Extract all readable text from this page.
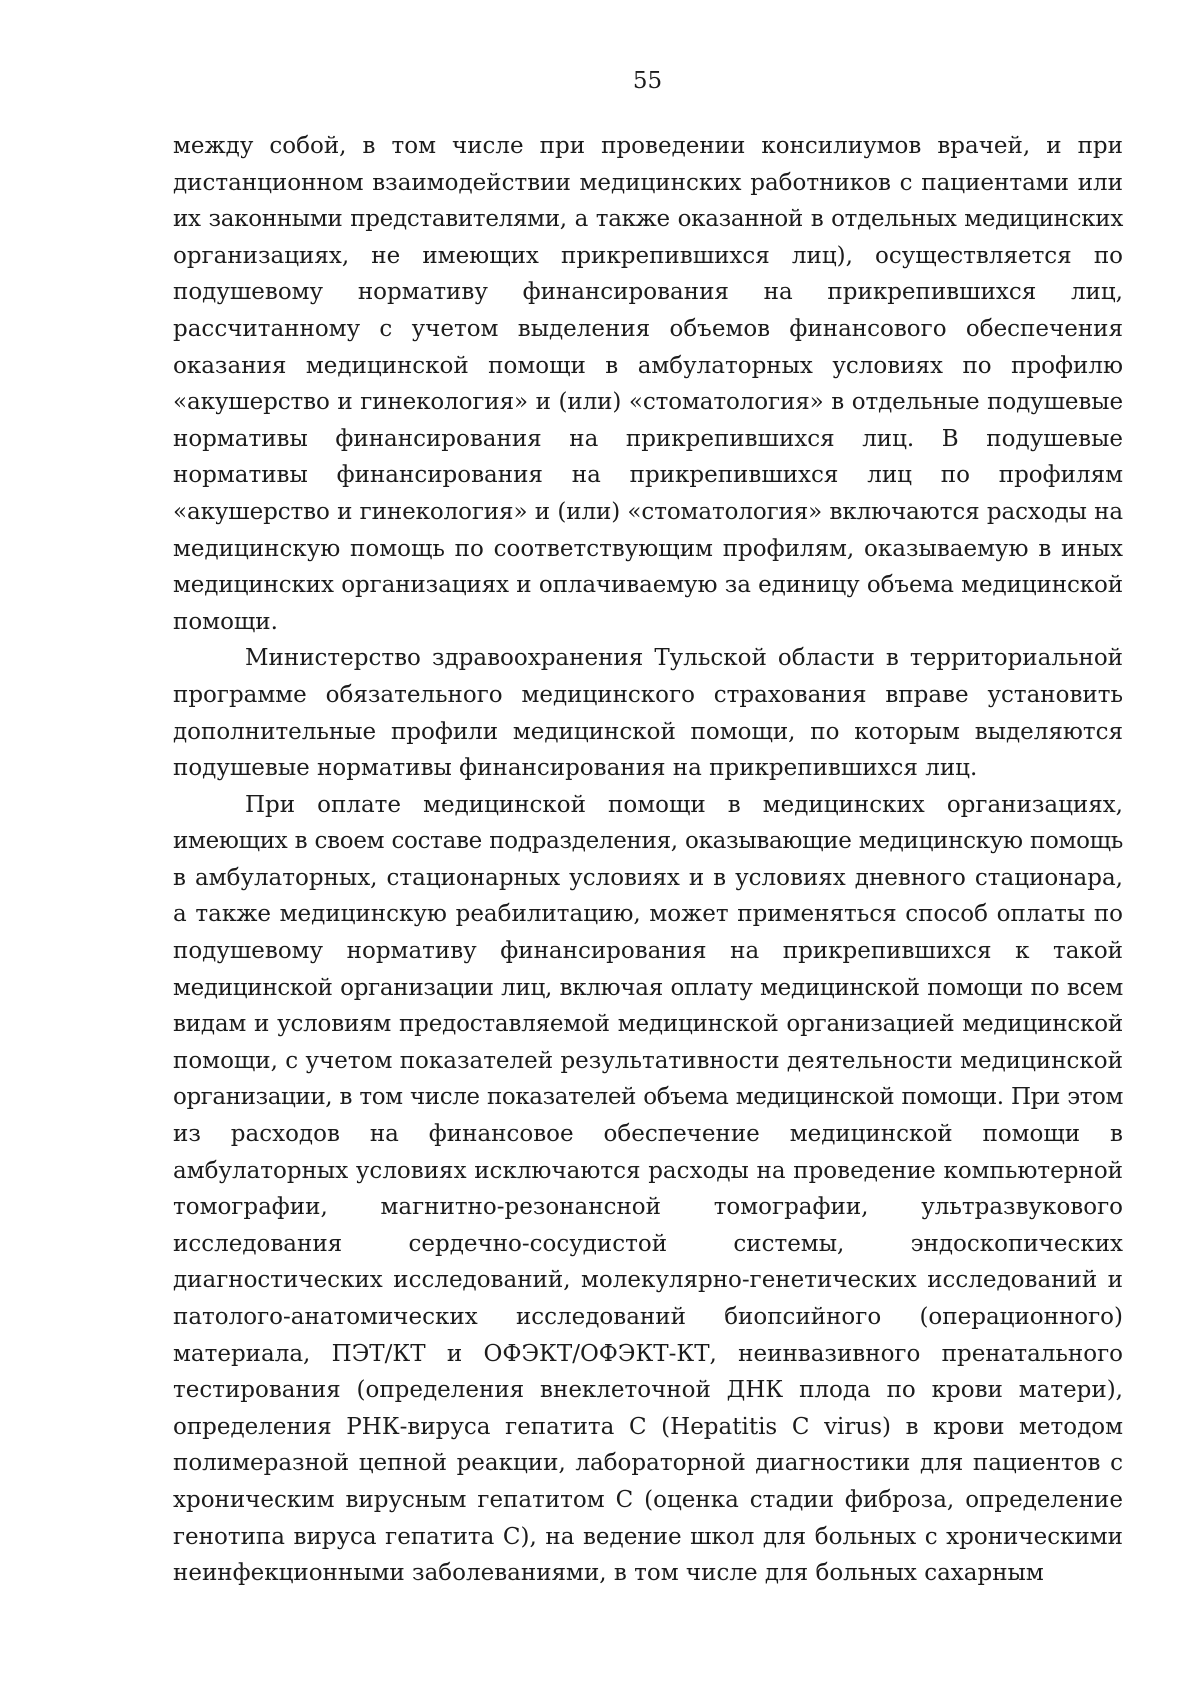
55
между собой, в том числе при проведении консилиумов врачей, и при
дистанционном взаимодействии медицинских работников с пациентами или
их законными представителями, а также оказанной в отдельных медицинских
организациях, не имеющих прикрепившихся лиц), осуществляется по
подушевому нормативу финансирования на прикрепившихся лиц,
рассчитанному с учетом выделения объемов финансового обеспечения
оказания медицинской помощи в амбулаторных условиях по профилю
«акушерство и гинекология» и (или) «стоматология» в отдельные подушевые
нормативы финансирования на прикрепившихся лиц. В подушевые
нормативы финансирования на прикрепившихся лиц по профилям
«акушерство и гинекология» и (или) «стоматология» включаются расходы на
медицинскую помощь по соответствующим профилям, оказываемую в иных
медицинских организациях и оплачиваемую за единицу объема медицинской
помощи.
Министерство здравоохранения Тульской области в территориальной
программе обязательного медицинского страхования вправе установить
дополнительные профили медицинской помощи, по которым выделяются
подушевые нормативы финансирования на прикрепившихся лиц.
При оплате медицинской помощи в медицинских организациях,
имеющих в своем составе подразделения, оказывающие медицинскую помощь
в амбулаторных, стационарных условиях и в условиях дневного стационара,
а также медицинскую реабилитацию, может применяться способ оплаты по
подушевому нормативу финансирования на прикрепившихся к такой
медицинской организации лиц, включая оплату медицинской помощи по всем
видам и условиям предоставляемой медицинской организацией медицинской
помощи, с учетом показателей результативности деятельности медицинской
организации, в том числе показателей объема медицинской помощи. При этом
из расходов на финансовое обеспечение медицинской помощи в
амбулаторных условиях исключаются расходы на проведение компьютерной
томографии, магнитно-резонансной томографии, ультразвукового
исследования сердечно-сосудистой системы, эндоскопических
диагностических исследований, молекулярно-генетических исследований и
патолого-анатомических исследований биопсийного (операционного)
материала, ПЭТ/КТ и ОФЭКТ/ОФЭКТ-КТ, неинвазивного пренатального
тестирования (определения внеклеточной ДНК плода по крови матери),
определения РНК-вируса гепатита С (Hepatitis C virus) в крови методом
полимеразной цепной реакции, лабораторной диагностики для пациентов с
хроническим вирусным гепатитом С (оценка стадии фиброза, определение
генотипа вируса гепатита С), на ведение школ для больных с хроническими
неинфекционными заболеваниями, в том числе для больных сахарным
